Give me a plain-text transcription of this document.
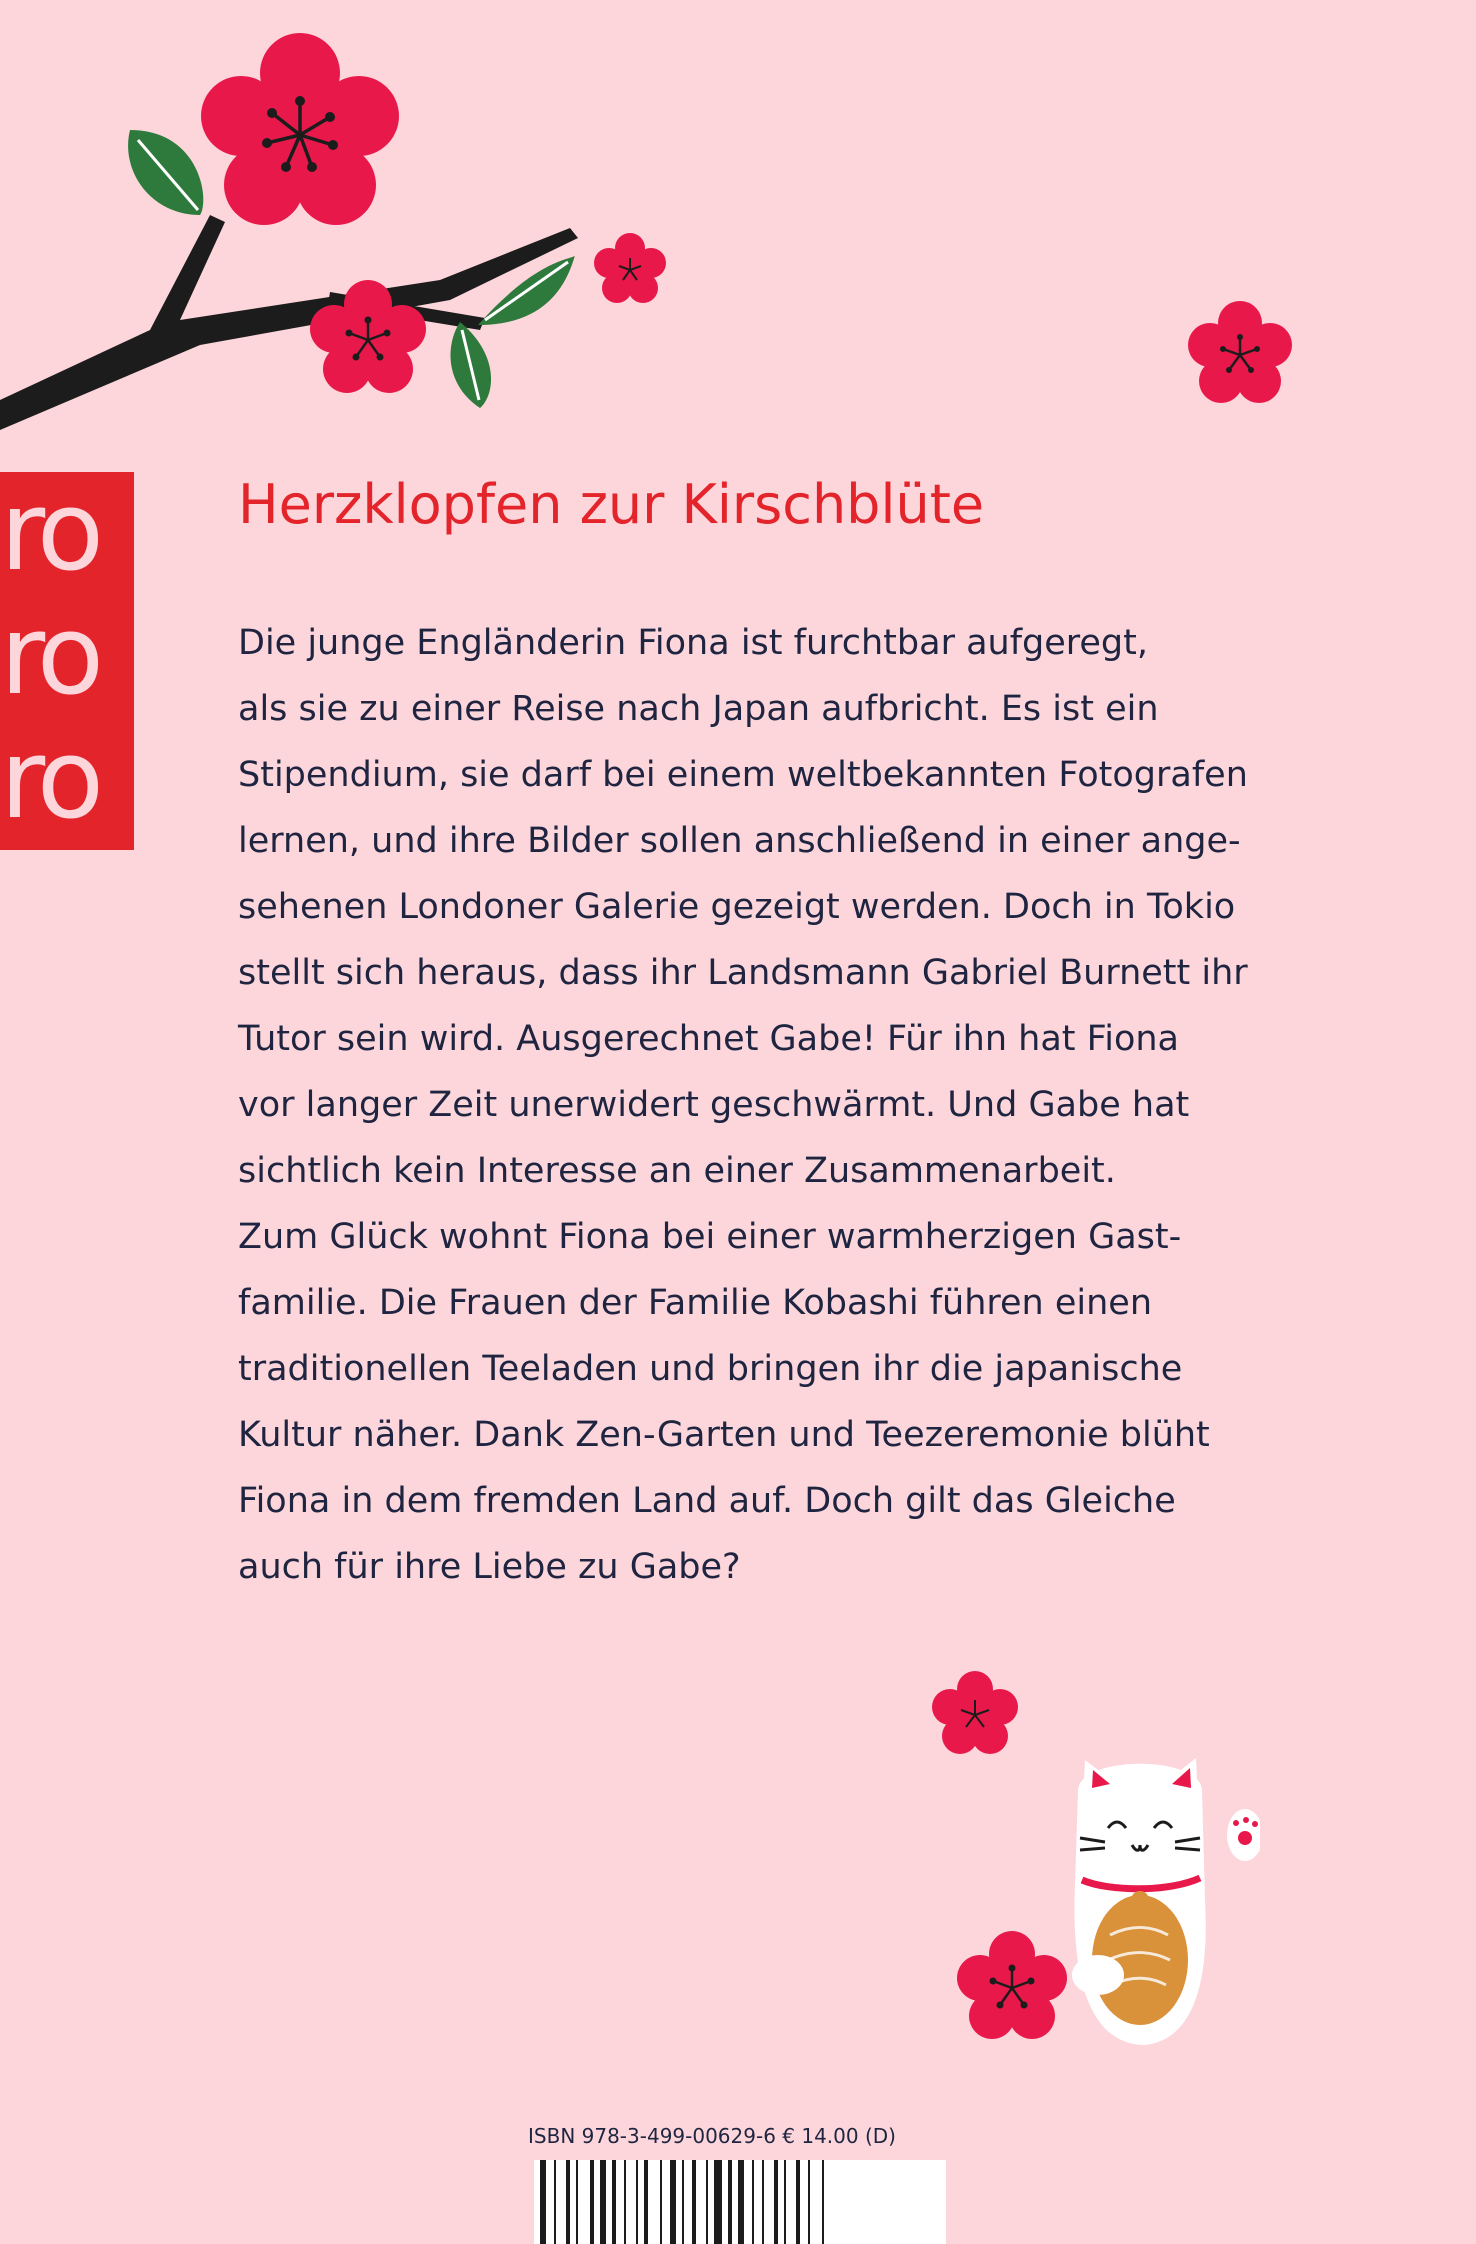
ro
ro
ro
Herzklopfen zur Kirschblüte
Die junge Engländerin Fiona ist furchtbar aufgeregt,
als sie zu einer Reise nach Japan aufbricht. Es ist ein
Stipendium, sie darf bei einem weltbekannten Fotografen
lernen, und ihre Bilder sollen anschließend in einer ange-
sehenen Londoner Galerie gezeigt werden. Doch in Tokio
stellt sich heraus, dass ihr Landsmann Gabriel Burnett ihr
Tutor sein wird. Ausgerechnet Gabe! Für ihn hat Fiona
vor langer Zeit unerwidert geschwärmt. Und Gabe hat
sichtlich kein Interesse an einer Zusammenarbeit.
Zum Glück wohnt Fiona bei einer warmherzigen Gast-
familie. Die Frauen der Familie Kobashi führen einen
traditionellen Teeladen und bringen ihr die japanische
Kultur näher. Dank Zen-Garten und Teezeremonie blüht
Fiona in dem fremden Land auf. Doch gilt das Gleiche
auch für ihre Liebe zu Gabe?
ISBN 978-3-499-00629-6 € 14.00 (D)
